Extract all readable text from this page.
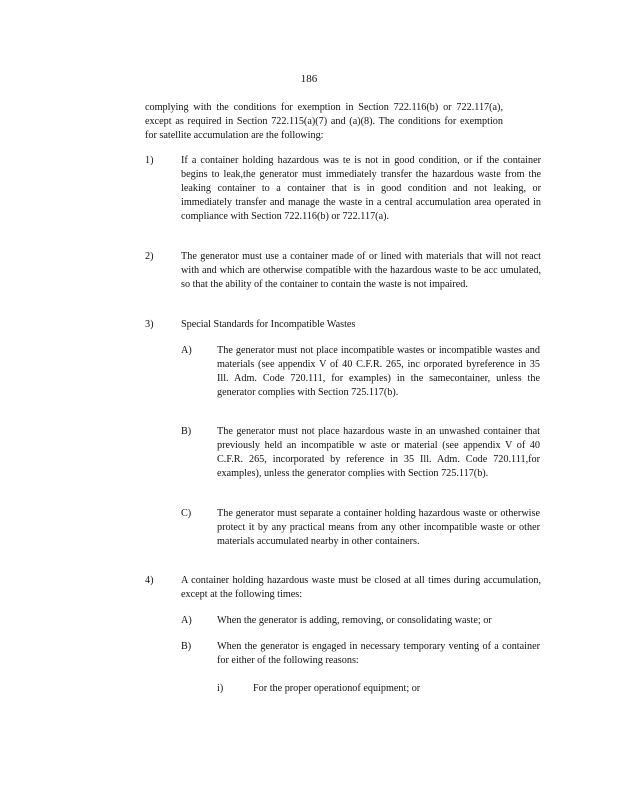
186
complying with the conditions for exemption in Section 722.116(b) or 722.117(a), except as required in Section 722.115(a)(7) and (a)(8). The conditions for exemption for satellite accumulation are the following:
1)	If a container holding hazardous was te is not in good condition, or if the container begins to leak,the generator must immediately transfer the hazardous waste from the leaking container to a container that is in good condition and not leaking, or immediately transfer and manage the waste in a central accumulation area operated in compliance with Section 722.116(b) or 722.117(a).
2)	The generator must use a container made of or lined with materials that will not react with and which are otherwise compatible with the hazardous waste to be acc umulated, so that the ability of the container to contain the waste is not impaired.
3)	Special Standards for Incompatible Wastes
A) The generator must not place incompatible wastes or incompatible wastes and materials (see appendix V of 40 C.F.R. 265, inc orporated byreference in 35 Ill. Adm. Code 720.111, for examples) in the samecontainer, unless the generator complies with Section 725.117(b).
B)	The generator must not place hazardous waste in an unwashed container that previously held an incompatible w aste or material (see appendix V of 40 C.F.R. 265, incorporated by reference in 35 Ill. Adm. Code 720.111,for examples), unless the generator complies with Section 725.117(b).
C)	The generator must separate a container holding hazardous waste or otherwise protect it by any practical means from any other incompatible waste or other materials accumulated nearby in other containers.
4)	A container holding hazardous waste must be closed at all times during accumulation, except at the following times:
A) When the generator is adding, removing, or consolidating waste; or
B)	When the generator is engaged in necessary temporary venting of a container for either of the following reasons:
i)	For the proper operationof equipment; or
